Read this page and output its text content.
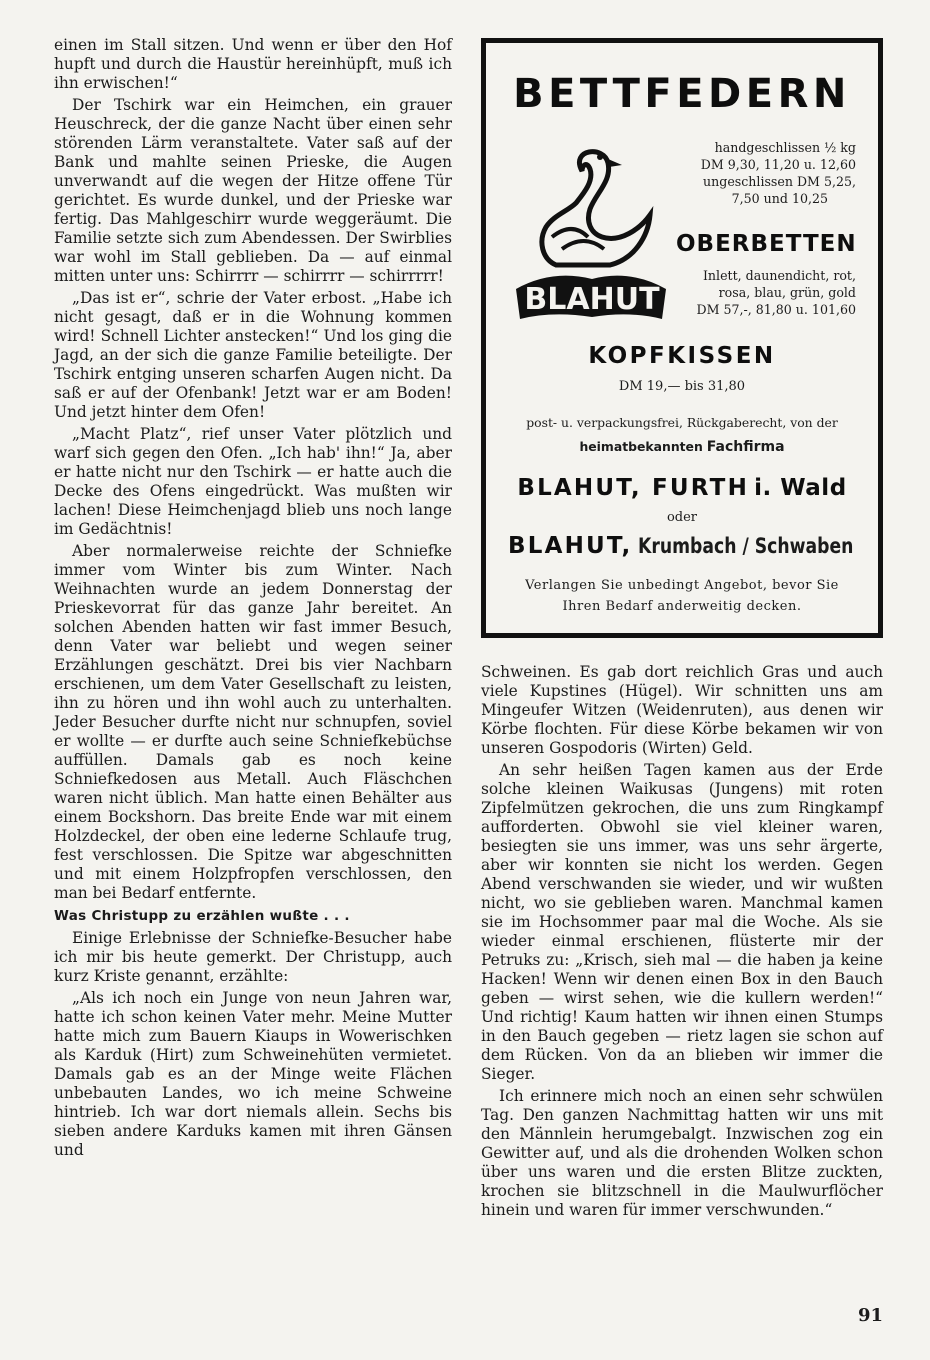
einen im Stall sitzen. Und wenn er über den Hof hupft und durch die Haustür hereinhüpft, muß ich ihn erwischen!“

Der Tschirk war ein Heimchen, ein grauer Heuschreck, der die ganze Nacht über einen sehr störenden Lärm veranstaltete. Vater saß auf der Bank und mahlte seinen Prieske, die Augen unverwandt auf die wegen der Hitze offene Tür gerichtet. Es wurde dunkel, und der Prieske war fertig. Das Mahlgeschirr wurde weggeräumt. Die Familie setzte sich zum Abendessen. Der Swirblies war wohl im Stall geblieben. Da — auf einmal mitten unter uns: Schirrrr — schirrrr — schirrrrr!

„Das ist er“, schrie der Vater erbost. „Habe ich nicht gesagt, daß er in die Wohnung kommen wird! Schnell Lichter anstecken!“ Und los ging die Jagd, an der sich die ganze Familie beteiligte. Der Tschirk entging unseren scharfen Augen nicht. Da saß er auf der Ofenbank! Jetzt war er am Boden! Und jetzt hinter dem Ofen!

„Macht Platz“, rief unser Vater plötzlich und warf sich gegen den Ofen. „Ich hab' ihn!“ Ja, aber er hatte nicht nur den Tschirk — er hatte auch die Decke des Ofens eingedrückt. Was mußten wir lachen! Diese Heimchenjagd blieb uns noch lange im Gedächtnis!

Aber normalerweise reichte der Schniefke immer vom Winter bis zum Winter. Nach Weihnachten wurde an jedem Donnerstag der Prieskevorrat für das ganze Jahr bereitet. An solchen Abenden hatten wir fast immer Besuch, denn Vater war beliebt und wegen seiner Erzählungen geschätzt. Drei bis vier Nachbarn erschienen, um dem Vater Gesellschaft zu leisten, ihn zu hören und ihn wohl auch zu unterhalten. Jeder Besucher durfte nicht nur schnupfen, soviel er wollte — er durfte auch seine Schniefkebüchse auffüllen. Damals gab es noch keine Schniefkedosen aus Metall. Auch Fläschchen waren nicht üblich. Man hatte einen Behälter aus einem Bockshorn. Das breite Ende war mit einem Holzdeckel, der oben eine lederne Schlaufe trug, fest verschlossen. Die Spitze war abgeschnitten und mit einem Holzpfropfen verschlossen, den man bei Bedarf entfernte.

Was Christupp zu erzählen wußte . . .

Einige Erlebnisse der Schniefke-Besucher habe ich mir bis heute gemerkt. Der Christupp, auch kurz Kriste genannt, erzählte:

„Als ich noch ein Junge von neun Jahren war, hatte ich schon keinen Vater mehr. Meine Mutter hatte mich zum Bauern Kiaups in Wowerischken als Karduk (Hirt) zum Schweinehüten vermietet. Damals gab es an der Minge weite Flächen unbebauten Landes, wo ich meine Schweine hintrieb. Ich war dort niemals allein. Sechs bis sieben andere Karduks kamen mit ihren Gänsen und

BETTFEDERN
BLAHUT
handgeschlissen ½ kg
DM 9,30, 11,20 u. 12,60
ungeschlissen DM 5,25,
7,50 und 10,25
OBERBETTEN
Inlett, daunendicht, rot,
rosa, blau, grün, gold
DM 57,-, 81,80 u. 101,60
KOPFKISSEN
DM 19,— bis 31,80
post- u. verpackungsfrei, Rückgaberecht, von der
heimatbekannten Fachfirma
BLAHUT, FURTH i. Wald
oder
BLAHUT, Krumbach / Schwaben
Verlangen Sie unbedingt Angebot, bevor Sie
Ihren Bedarf anderweitig decken.

Schweinen. Es gab dort reichlich Gras und auch viele Kupstines (Hügel). Wir schnitten uns am Mingeufer Witzen (Weidenruten), aus denen wir Körbe flochten. Für diese Körbe bekamen wir von unseren Gospodoris (Wirten) Geld.

An sehr heißen Tagen kamen aus der Erde solche kleinen Waikusas (Jungens) mit roten Zipfelmützen gekrochen, die uns zum Ringkampf aufforderten. Obwohl sie viel kleiner waren, besiegten sie uns immer, was uns sehr ärgerte, aber wir konnten sie nicht los werden. Gegen Abend verschwanden sie wieder, und wir wußten nicht, wo sie geblieben waren. Manchmal kamen sie im Hochsommer paar mal die Woche. Als sie wieder einmal erschienen, flüsterte mir der Petruks zu: „Krisch, sieh mal — die haben ja keine Hacken! Wenn wir denen einen Box in den Bauch geben — wirst sehen, wie die kullern werden!“ Und richtig! Kaum hatten wir ihnen einen Stumps in den Bauch gegeben — rietz lagen sie schon auf dem Rücken. Von da an blieben wir immer die Sieger.

Ich erinnere mich noch an einen sehr schwülen Tag. Den ganzen Nachmittag hatten wir uns mit den Männlein herumgebalgt. Inzwischen zog ein Gewitter auf, und als die drohenden Wolken schon über uns waren und die ersten Blitze zuckten, krochen sie blitzschnell in die Maulwurflöcher hinein und waren für immer verschwunden.“

91
